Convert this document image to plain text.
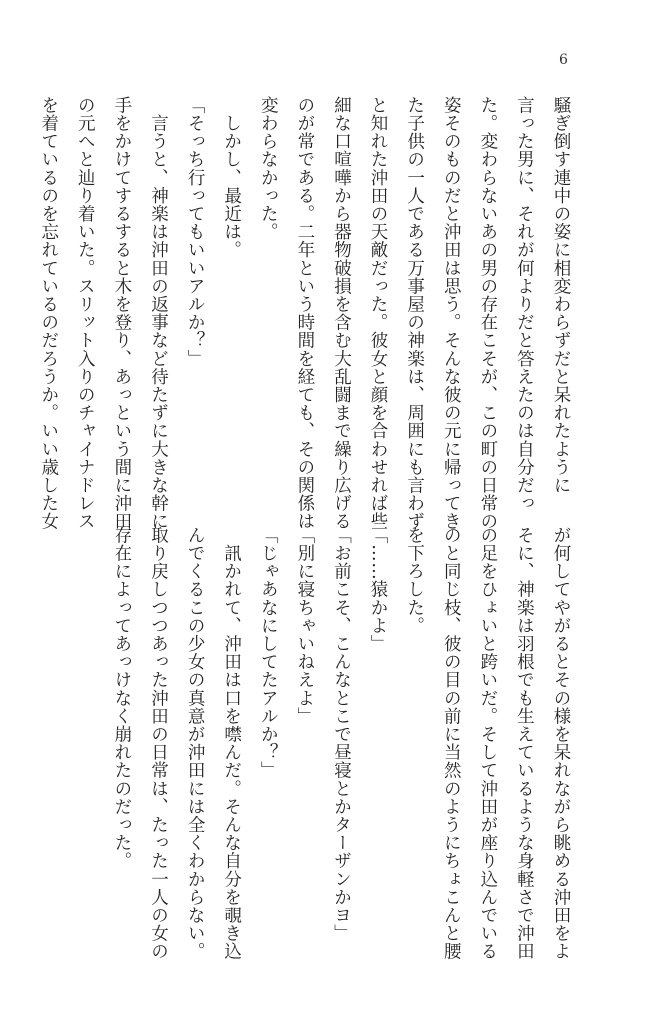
6

騒ぎ倒す連中の姿に相変わらずだと呆れたように

言った男に、それが何よりだと答えたのは自分だっ

た。変わらないあの男の存在こそが、この町の日常の

姿そのものだと沖田は思う。そんな彼の元に帰ってき

た子供の一人である万事屋の神楽は、周囲にも言わず

と知れた沖田の天敵だった。彼女と顔を合わせれば些

細な口喧嘩から器物破損を含む大乱闘まで繰り広げる

のが常である。二年という時間を経ても、その関係は

変わらなかった。

　しかし、最近は。

「そっち行ってもいいアルか？」

　言うと、神楽は沖田の返事など待たずに大きな幹に

手をかけてするすると木を登り、あっという間に沖田

の元へと辿り着いた。スリット入りのチャイナドレス

を着ているのを忘れているのだろうか。いい歳した女

が何してやがるとその様を呆れながら眺める沖田をよ

そに、神楽は羽根でも生えているような身軽さで沖田

の足をひょいと跨いだ。そして沖田が座り込んでいる

のと同じ枝、彼の目の前に当然のようにちょこんと腰

を下ろした。

「……猿かよ」

「お前こそ、こんなとこで昼寝とかターザンかヨ」

「別に寝ちゃいねえよ」

「じゃあなにしてたアルか？」

　訊かれて、沖田は口を噤んだ。そんな自分を覗き込

んでくるこの少女の真意が沖田には全くわからない。

取り戻しつつあった沖田の日常は、たった一人の女の

存在によってあっけなく崩れたのだった。
